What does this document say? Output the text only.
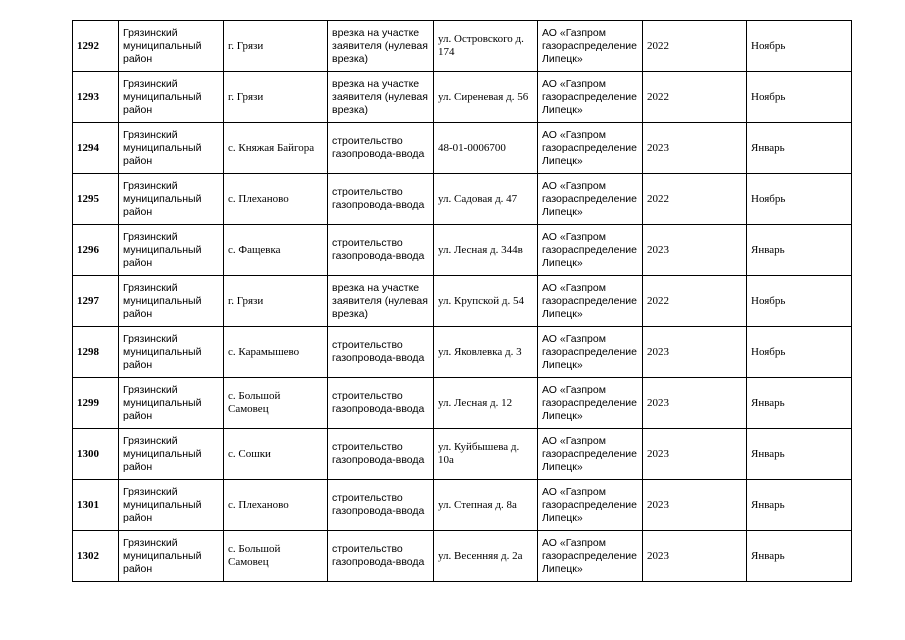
1292	Грязинский муниципальный район	г. Грязи	врезка на участке заявителя (нулевая врезка)	ул. Островского д. 174	АО «Газпром газораспределение Липецк»	2022	Ноябрь
1293	Грязинский муниципальный район	г. Грязи	врезка на участке заявителя (нулевая врезка)	ул. Сиреневая д. 56	АО «Газпром газораспределение Липецк»	2022	Ноябрь
1294	Грязинский муниципальный район	с. Княжая Байгора	строительство газопровода-ввода	48-01-0006700	АО «Газпром газораспределение Липецк»	2023	Январь
1295	Грязинский муниципальный район	с. Плеханово	строительство газопровода-ввода	ул. Садовая д. 47	АО «Газпром газораспределение Липецк»	2022	Ноябрь
1296	Грязинский муниципальный район	с. Фащевка	строительство газопровода-ввода	ул. Лесная д. 344в	АО «Газпром газораспределение Липецк»	2023	Январь
1297	Грязинский муниципальный район	г. Грязи	врезка на участке заявителя (нулевая врезка)	ул. Крупской д. 54	АО «Газпром газораспределение Липецк»	2022	Ноябрь
1298	Грязинский муниципальный район	с. Карамышево	строительство газопровода-ввода	ул. Яковлевка д. 3	АО «Газпром газораспределение Липецк»	2023	Ноябрь
1299	Грязинский муниципальный район	с. Большой Самовец	строительство газопровода-ввода	ул. Лесная д. 12	АО «Газпром газораспределение Липецк»	2023	Январь
1300	Грязинский муниципальный район	с. Сошки	строительство газопровода-ввода	ул. Куйбышева д. 10а	АО «Газпром газораспределение Липецк»	2023	Январь
1301	Грязинский муниципальный район	с. Плеханово	строительство газопровода-ввода	ул. Степная д. 8а	АО «Газпром газораспределение Липецк»	2023	Январь
1302	Грязинский муниципальный район	с. Большой Самовец	строительство газопровода-ввода	ул. Весенняя д. 2а	АО «Газпром газораспределение Липецк»	2023	Январь
